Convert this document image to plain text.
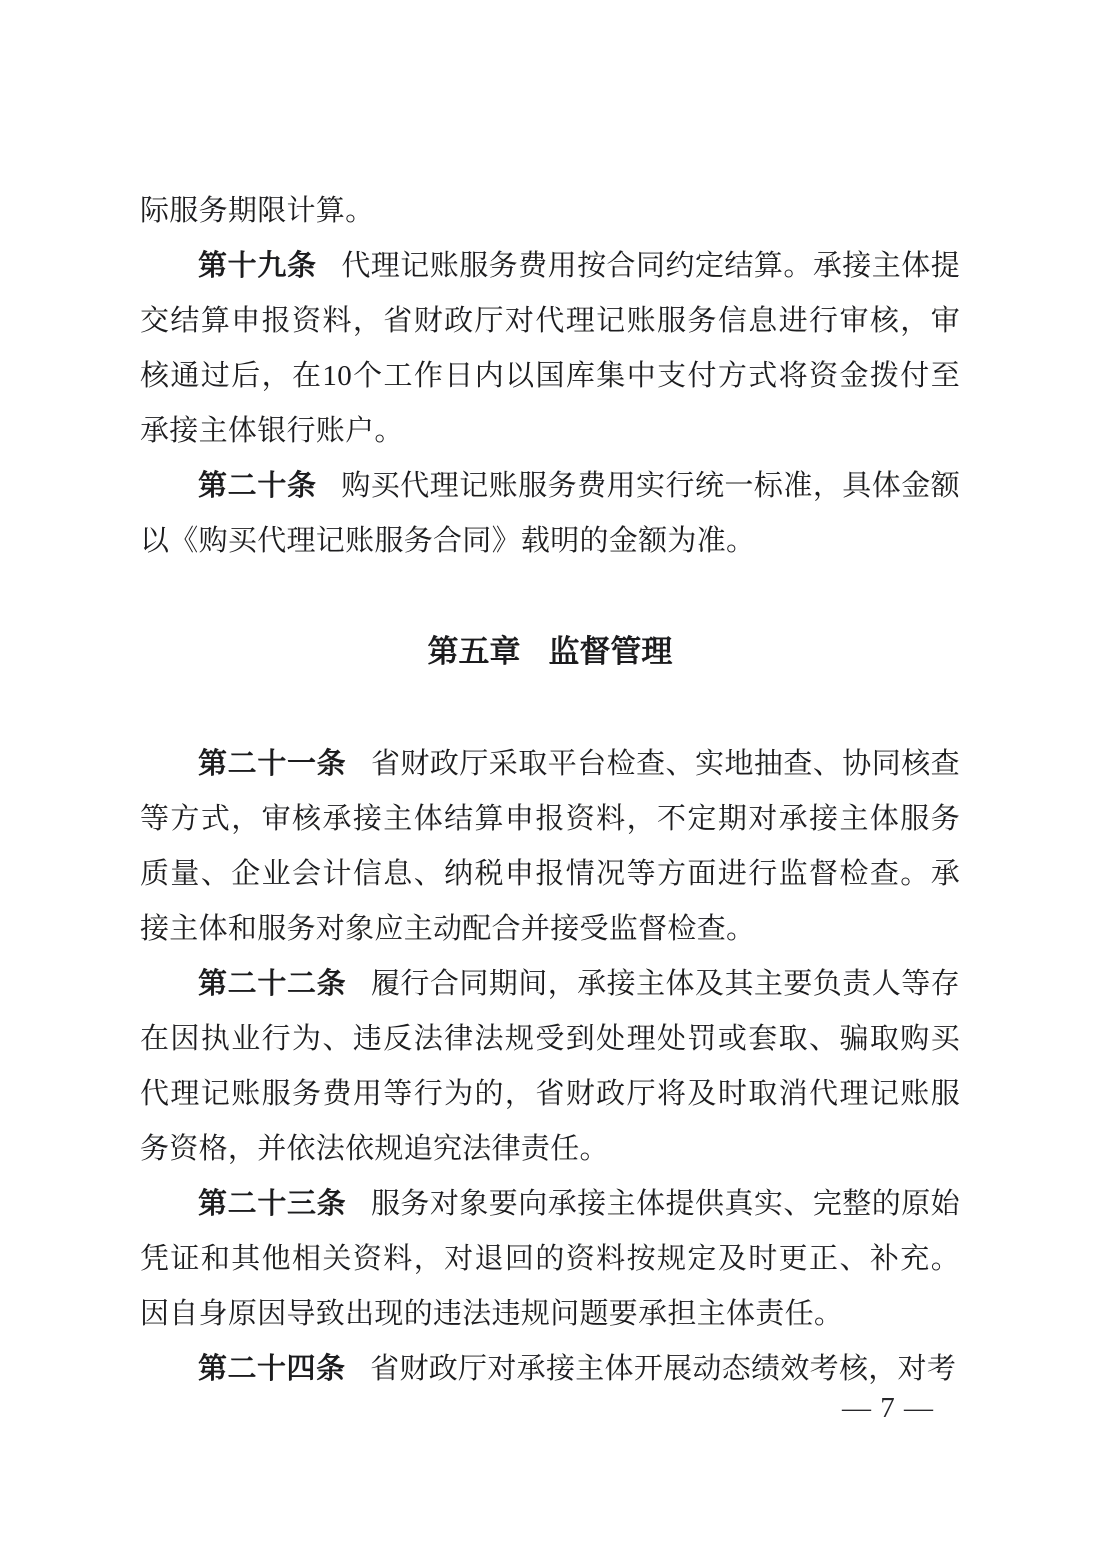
际服务期限计算。

第十九条 代理记账服务费用按合同约定结算。承接主体提交结算申报资料，省财政厅对代理记账服务信息进行审核，审核通过后，在10个工作日内以国库集中支付方式将资金拨付至承接主体银行账户。

第二十条 购买代理记账服务费用实行统一标准，具体金额以《购买代理记账服务合同》载明的金额为准。

第五章 监督管理

第二十一条 省财政厅采取平台检查、实地抽查、协同核查等方式，审核承接主体结算申报资料，不定期对承接主体服务质量、企业会计信息、纳税申报情况等方面进行监督检查。承接主体和服务对象应主动配合并接受监督检查。

第二十二条 履行合同期间，承接主体及其主要负责人等存在因执业行为、违反法律法规受到处理处罚或套取、骗取购买代理记账服务费用等行为的，省财政厅将及时取消代理记账服务资格，并依法依规追究法律责任。

第二十三条 服务对象要向承接主体提供真实、完整的原始凭证和其他相关资料，对退回的资料按规定及时更正、补充。因自身原因导致出现的违法违规问题要承担主体责任。

第二十四条 省财政厅对承接主体开展动态绩效考核，对考

— 7 —
